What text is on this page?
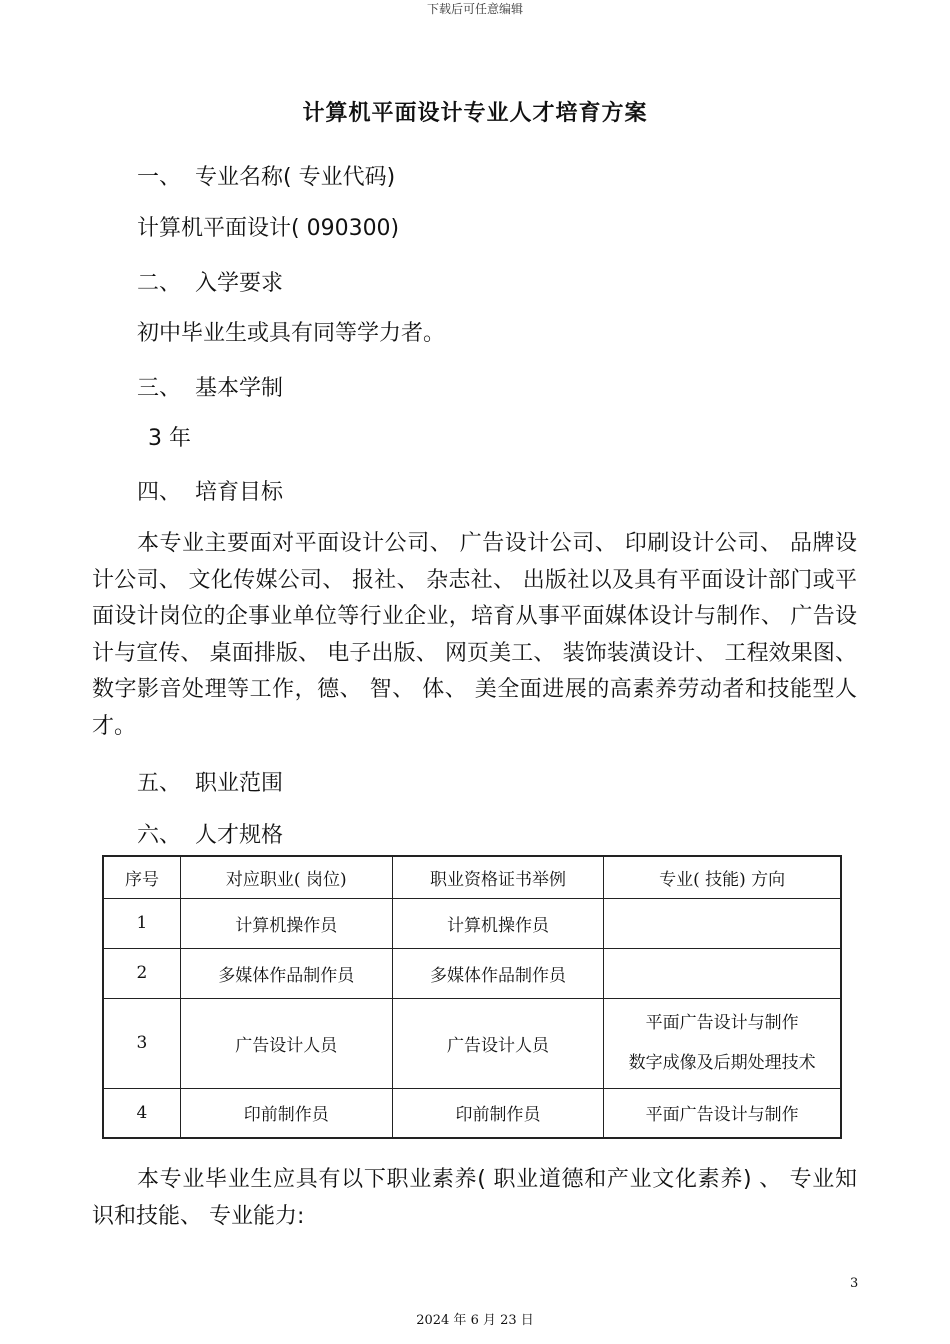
下载后可任意编辑
计算机平面设计专业人才培育方案
一、 专业名称( 专业代码)
计算机平面设计( 090300)
二、 入学要求
初中毕业生或具有同等学力者。
三、 基本学制
3 年
四、 培育目标
本专业主要面对平面设计公司、 广告设计公司、 印刷设计公司、 品牌设计公司、 文化传媒公司、 报社、 杂志社、 出版社以及具有平面设计部门或平面设计岗位的企事业单位等行业企业，培育从事平面媒体设计与制作、 广告设计与宣传、 桌面排版、 电子出版、 网页美工、 装饰装潢设计、 工程效果图、 数字影音处理等工作，德、 智、 体、 美全面进展的高素养劳动者和技能型人才。
五、 职业范围
六、 人才规格
序号	对应职业( 岗位)	职业资格证书举例	专业( 技能) 方向
1	计算机操作员	计算机操作员	
2	多媒体作品制作员	多媒体作品制作员	
3	广告设计人员	广告设计人员	平面广告设计与制作
数字成像及后期处理技术

4	印前制作员	印前制作员	平面广告设计与制作
本专业毕业生应具有以下职业素养( 职业道德和产业文化素养) 、 专业知识和技能、 专业能力:
3
2024 年 6 月 23 日
